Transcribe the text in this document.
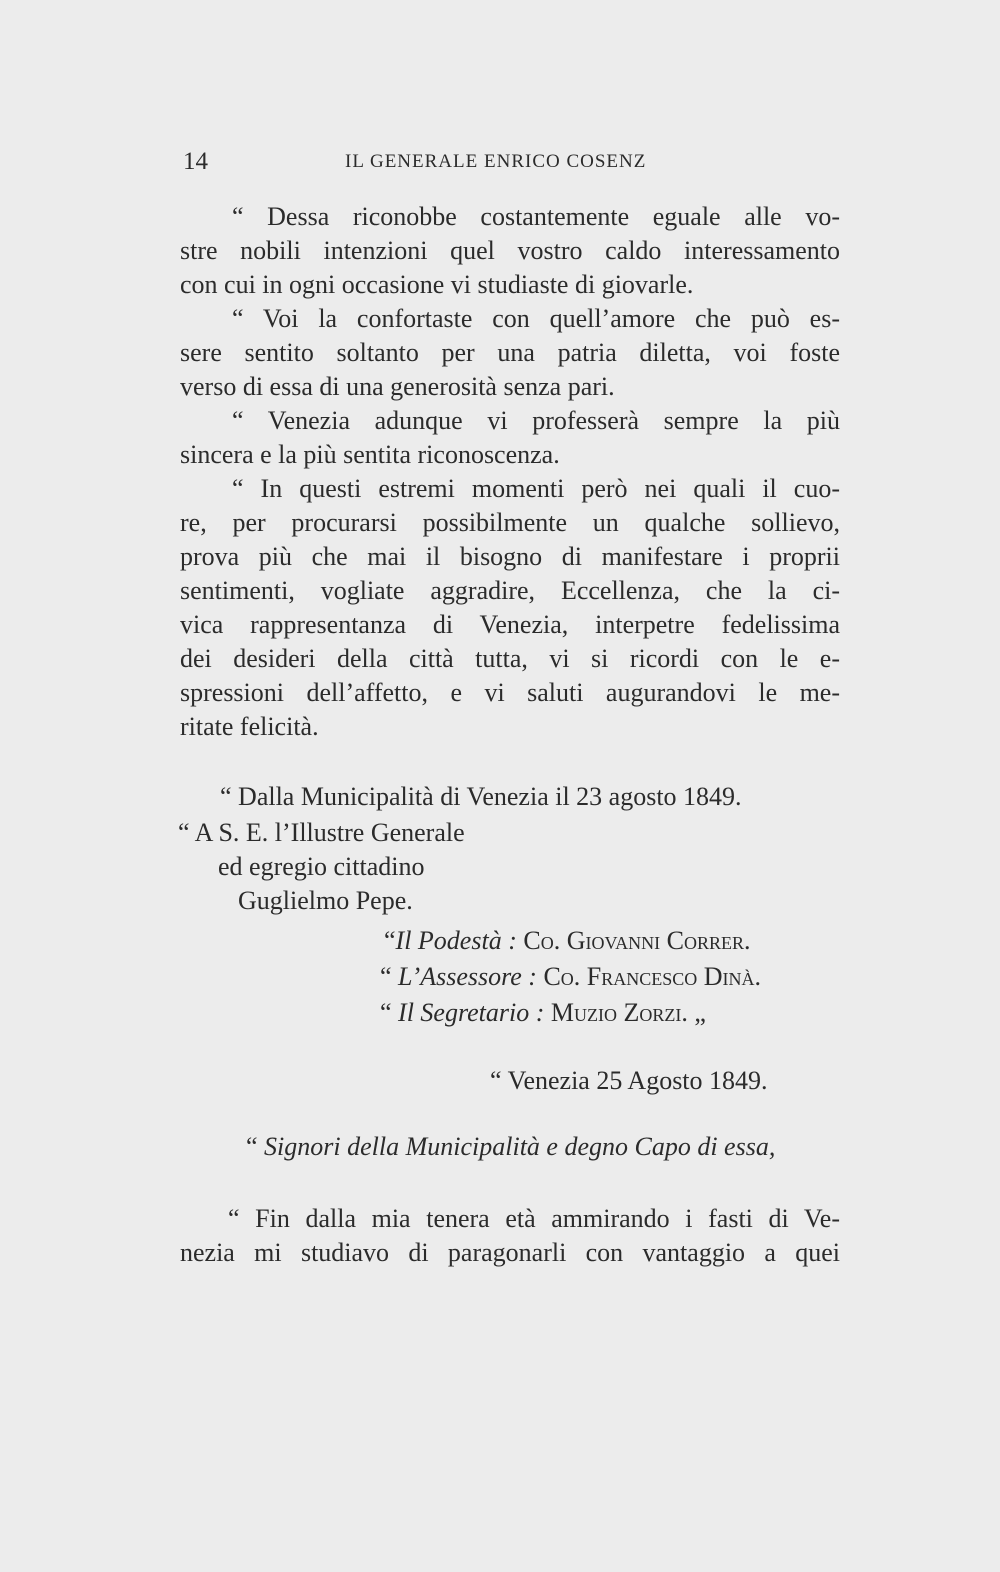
14	IL GENERALE ENRICO COSENZ
“ Dessa riconobbe costantemente eguale alle vo-
stre nobili intenzioni quel vostro caldo interessamento
con cui in ogni occasione vi studiaste di giovarle.
“ Voi la confortaste con quell’amore che può es-
sere sentito soltanto per una patria diletta, voi foste
verso di essa di una generosità senza pari.
“ Venezia adunque vi professerà sempre la più
sincera e la più sentita riconoscenza.
“ In questi estremi momenti però nei quali il cuo-
re, per procurarsi possibilmente un qualche sollievo,
prova più che mai il bisogno di manifestare i proprii
sentimenti, vogliate aggradire, Eccellenza, che la ci-
vica rappresentanza di Venezia, interpetre fedelissima
dei desideri della città tutta, vi si ricordi con le e-
spressioni dell’affetto, e vi saluti augurandovi le me-
ritate felicità.
“ Dalla Municipalità di Venezia il 23 agosto 1849.
“ A S. E. l’Illustre Generale
ed egregio cittadino
Guglielmo Pepe.
“Il Podestà : Co. Giovanni Correr.
“ L’Assessore : Co. Francesco Dinà.
“ Il Segretario : Muzio Zorzi. „
“ Venezia 25 Agosto 1849.
“ Signori della Municipalità e degno Capo di essa,
“ Fin dalla mia tenera età ammirando i fasti di Ve-
nezia mi studiavo di paragonarli con vantaggio a quei
